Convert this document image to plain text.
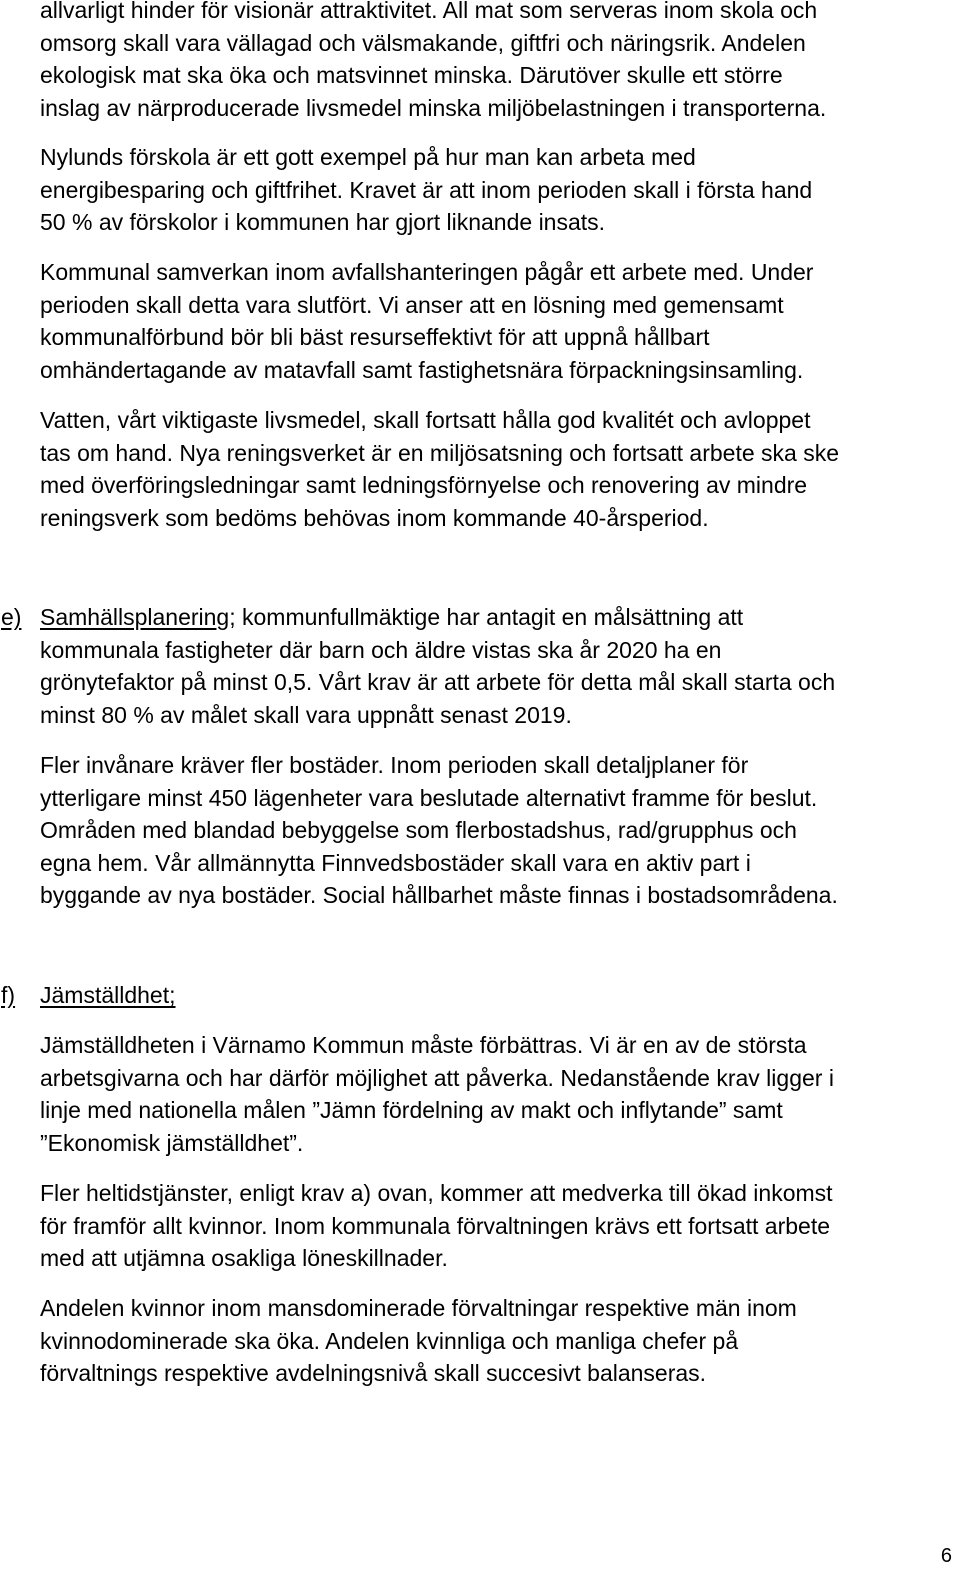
allvarligt hinder för visionär attraktivitet. All mat som serveras inom skola och
omsorg skall vara vällagad och välsmakande, giftfri och näringsrik. Andelen
ekologisk mat ska öka och matsvinnet minska. Därutöver skulle ett större
inslag av närproducerade livsmedel minska miljöbelastningen i transporterna.

Nylunds förskola är ett gott exempel på hur man kan arbeta med
energibesparing och giftfrihet. Kravet är att inom perioden skall i första hand
50 % av förskolor i kommunen har gjort liknande insats.

Kommunal samverkan inom avfallshanteringen pågår ett arbete med. Under
perioden skall detta vara slutfört. Vi anser att en lösning med gemensamt
kommunalförbund bör bli bäst resurseffektivt för att uppnå hållbart
omhändertagande av matavfall samt fastighetsnära förpackningsinsamling.

Vatten, vårt viktigaste livsmedel, skall fortsatt hålla god kvalitét och avloppet
tas om hand. Nya reningsverket är en miljösatsning och fortsatt arbete ska ske
med överföringsledningar samt ledningsförnyelse och renovering av mindre
reningsverk som bedöms behövas inom kommande 40-årsperiod.

e) Samhällsplanering; kommunfullmäktige har antagit en målsättning att
kommunala fastigheter där barn och äldre vistas ska år 2020 ha en
grönytefaktor på minst 0,5. Vårt krav är att arbete för detta mål skall starta och
minst 80 % av målet skall vara uppnått senast 2019.

Fler invånare kräver fler bostäder. Inom perioden skall detaljplaner för
ytterligare minst 450 lägenheter vara beslutade alternativt framme för beslut.
Områden med blandad bebyggelse som flerbostadshus, rad/grupphus och
egna hem. Vår allmännytta Finnvedsbostäder skall vara en aktiv part i
byggande av nya bostäder. Social hållbarhet måste finnas i bostadsområdena.

f) Jämställdhet;

Jämställdheten i Värnamo Kommun måste förbättras. Vi är en av de största
arbetsgivarna och har därför möjlighet att påverka. Nedanstående krav ligger i
linje med nationella målen ”Jämn fördelning av makt och inflytande” samt
”Ekonomisk jämställdhet”.

Fler heltidstjänster, enligt krav a) ovan, kommer att medverka till ökad inkomst
för framför allt kvinnor. Inom kommunala förvaltningen krävs ett fortsatt arbete
med att utjämna osakliga löneskillnader.

Andelen kvinnor inom mansdominerade förvaltningar respektive män inom
kvinnodominerade ska öka. Andelen kvinnliga och manliga chefer på
förvaltnings respektive avdelningsnivå skall succesivt balanseras.

6
